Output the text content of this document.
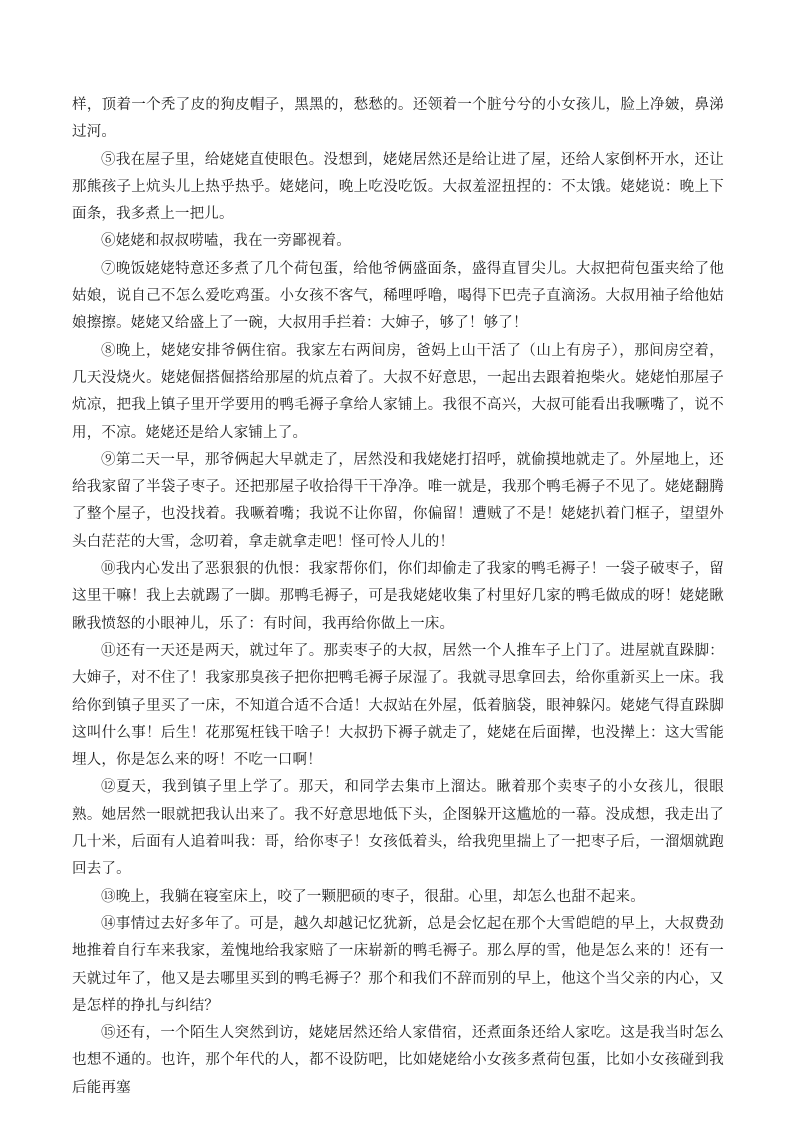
样，顶着一个秃了皮的狗皮帽子，黑黑的，愁愁的。还领着一个脏兮兮的小女孩儿，脸上净皴，鼻涕过河。

⑤我在屋子里，给姥姥直使眼色。没想到，姥姥居然还是给让进了屋，还给人家倒杯开水，还让那熊孩子上炕头儿上热乎热乎。姥姥问，晚上吃没吃饭。大叔羞涩扭捏的：不太饿。姥姥说：晚上下面条，我多煮上一把儿。

⑥姥姥和叔叔唠嗑，我在一旁鄙视着。

⑦晚饭姥姥特意还多煮了几个荷包蛋，给他爷俩盛面条，盛得直冒尖儿。大叔把荷包蛋夹给了他姑娘，说自己不怎么爱吃鸡蛋。小女孩不客气，稀哩呼噜，喝得下巴壳子直滴汤。大叔用袖子给他姑娘擦擦。姥姥又给盛上了一碗，大叔用手拦着：大婶子，够了！够了！

⑧晚上，姥姥安排爷俩住宿。我家左右两间房，爸妈上山干活了（山上有房子），那间房空着，几天没烧火。姥姥倔搭倔搭给那屋的炕点着了。大叔不好意思，一起出去跟着抱柴火。姥姥怕那屋子炕凉，把我上镇子里开学要用的鸭毛褥子拿给人家铺上。我很不高兴，大叔可能看出我噘嘴了，说不用，不凉。姥姥还是给人家铺上了。

⑨第二天一早，那爷俩起大早就走了，居然没和我姥姥打招呼，就偷摸地就走了。外屋地上，还给我家留了半袋子枣子。还把那屋子收拾得干干净净。唯一就是，我那个鸭毛褥子不见了。姥姥翻腾了整个屋子，也没找着。我噘着嘴；我说不让你留，你偏留！遭贼了不是！姥姥扒着门框子，望望外头白茫茫的大雪，念叨着，拿走就拿走吧！怪可怜人儿的！

⑩我内心发出了恶狠狠的仇恨：我家帮你们，你们却偷走了我家的鸭毛褥子！一袋子破枣子，留这里干嘛！我上去就踢了一脚。那鸭毛褥子，可是我姥姥收集了村里好几家的鸭毛做成的呀！姥姥瞅瞅我愤怒的小眼神儿，乐了：有时间，我再给你做上一床。

⑪还有一天还是两天，就过年了。那卖枣子的大叔，居然一个人推车子上门了。进屋就直跺脚：大婶子，对不住了！我家那臭孩子把你把鸭毛褥子尿湿了。我就寻思拿回去，给你重新买上一床。我给你到镇子里买了一床，不知道合适不合适！大叔站在外屋，低着脑袋，眼神躲闪。姥姥气得直跺脚 这叫什么事！后生！花那冤枉钱干啥子！大叔扔下褥子就走了，姥姥在后面撵，也没撵上：这大雪能埋人，你是怎么来的呀！不吃一口啊！

⑫夏天，我到镇子里上学了。那天，和同学去集市上溜达。瞅着那个卖枣子的小女孩儿，很眼熟。她居然一眼就把我认出来了。我不好意思地低下头，企图躲开这尴尬的一幕。没成想，我走出了几十米，后面有人追着叫我：哥，给你枣子！女孩低着头，给我兜里揣上了一把枣子后，一溜烟就跑回去了。

⑬晚上，我躺在寝室床上，咬了一颗肥硕的枣子，很甜。心里，却怎么也甜不起来。

⑭事情过去好多年了。可是，越久却越记忆犹新，总是会忆起在那个大雪皑皑的早上，大叔费劲地推着自行车来我家，羞愧地给我家赔了一床崭新的鸭毛褥子。那么厚的雪，他是怎么来的！还有一天就过年了，他又是去哪里买到的鸭毛褥子？那个和我们不辞而别的早上，他这个当父亲的内心，又是怎样的挣扎与纠结？

⑮还有，一个陌生人突然到访，姥姥居然还给人家借宿，还煮面条还给人家吃。这是我当时怎么也想不通的。也许，那个年代的人，都不设防吧，比如姥姥给小女孩多煮荷包蛋，比如小女孩碰到我后能再塞
